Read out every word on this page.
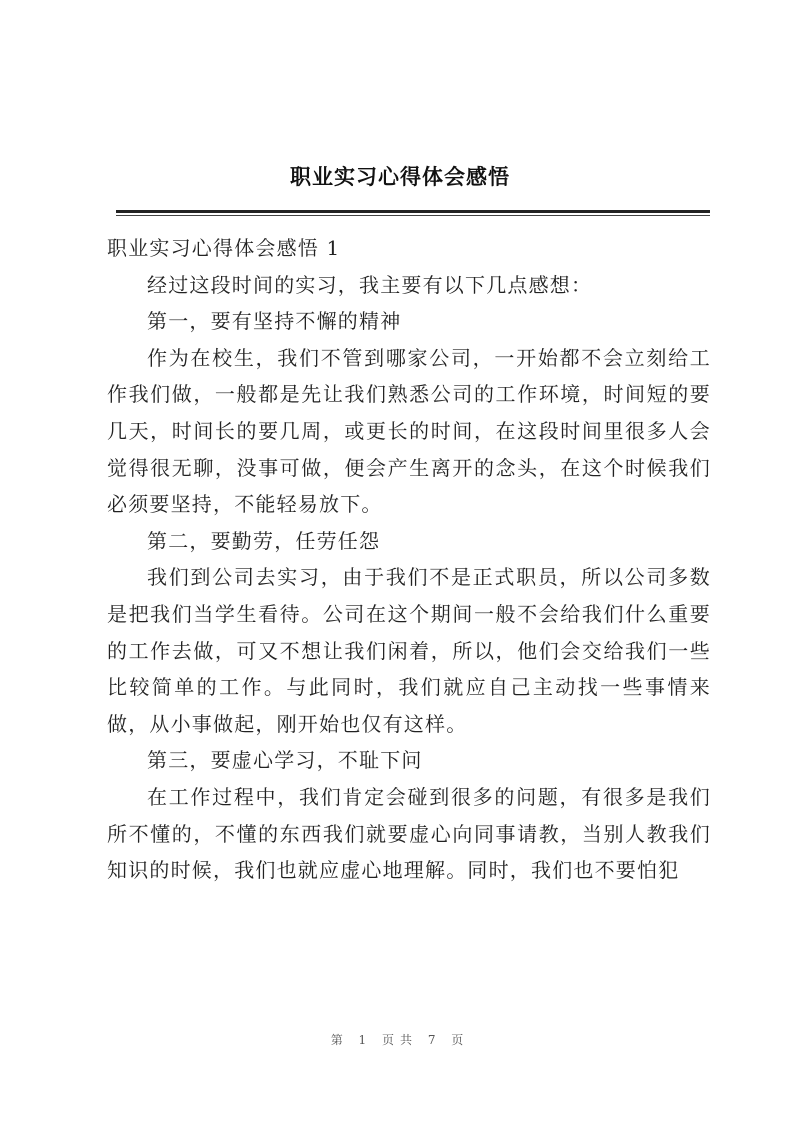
职业实习心得体会感悟

职业实习心得体会感悟 1

经过这段时间的实习，我主要有以下几点感想：

第一，要有坚持不懈的精神

作为在校生，我们不管到哪家公司，一开始都不会立刻给工作我们做，一般都是先让我们熟悉公司的工作环境，时间短的要几天，时间长的要几周，或更长的时间，在这段时间里很多人会觉得很无聊，没事可做，便会产生离开的念头，在这个时候我们必须要坚持，不能轻易放下。

第二，要勤劳，任劳任怨

我们到公司去实习，由于我们不是正式职员，所以公司多数是把我们当学生看待。公司在这个期间一般不会给我们什么重要的工作去做，可又不想让我们闲着，所以，他们会交给我们一些比较简单的工作。与此同时，我们就应自己主动找一些事情来做，从小事做起，刚开始也仅有这样。

第三，要虚心学习，不耻下问

在工作过程中，我们肯定会碰到很多的问题，有很多是我们所不懂的，不懂的东西我们就要虚心向同事请教，当别人教我们知识的时候，我们也就应虚心地理解。同时，我们也不要怕犯

第 1 页共 7 页
